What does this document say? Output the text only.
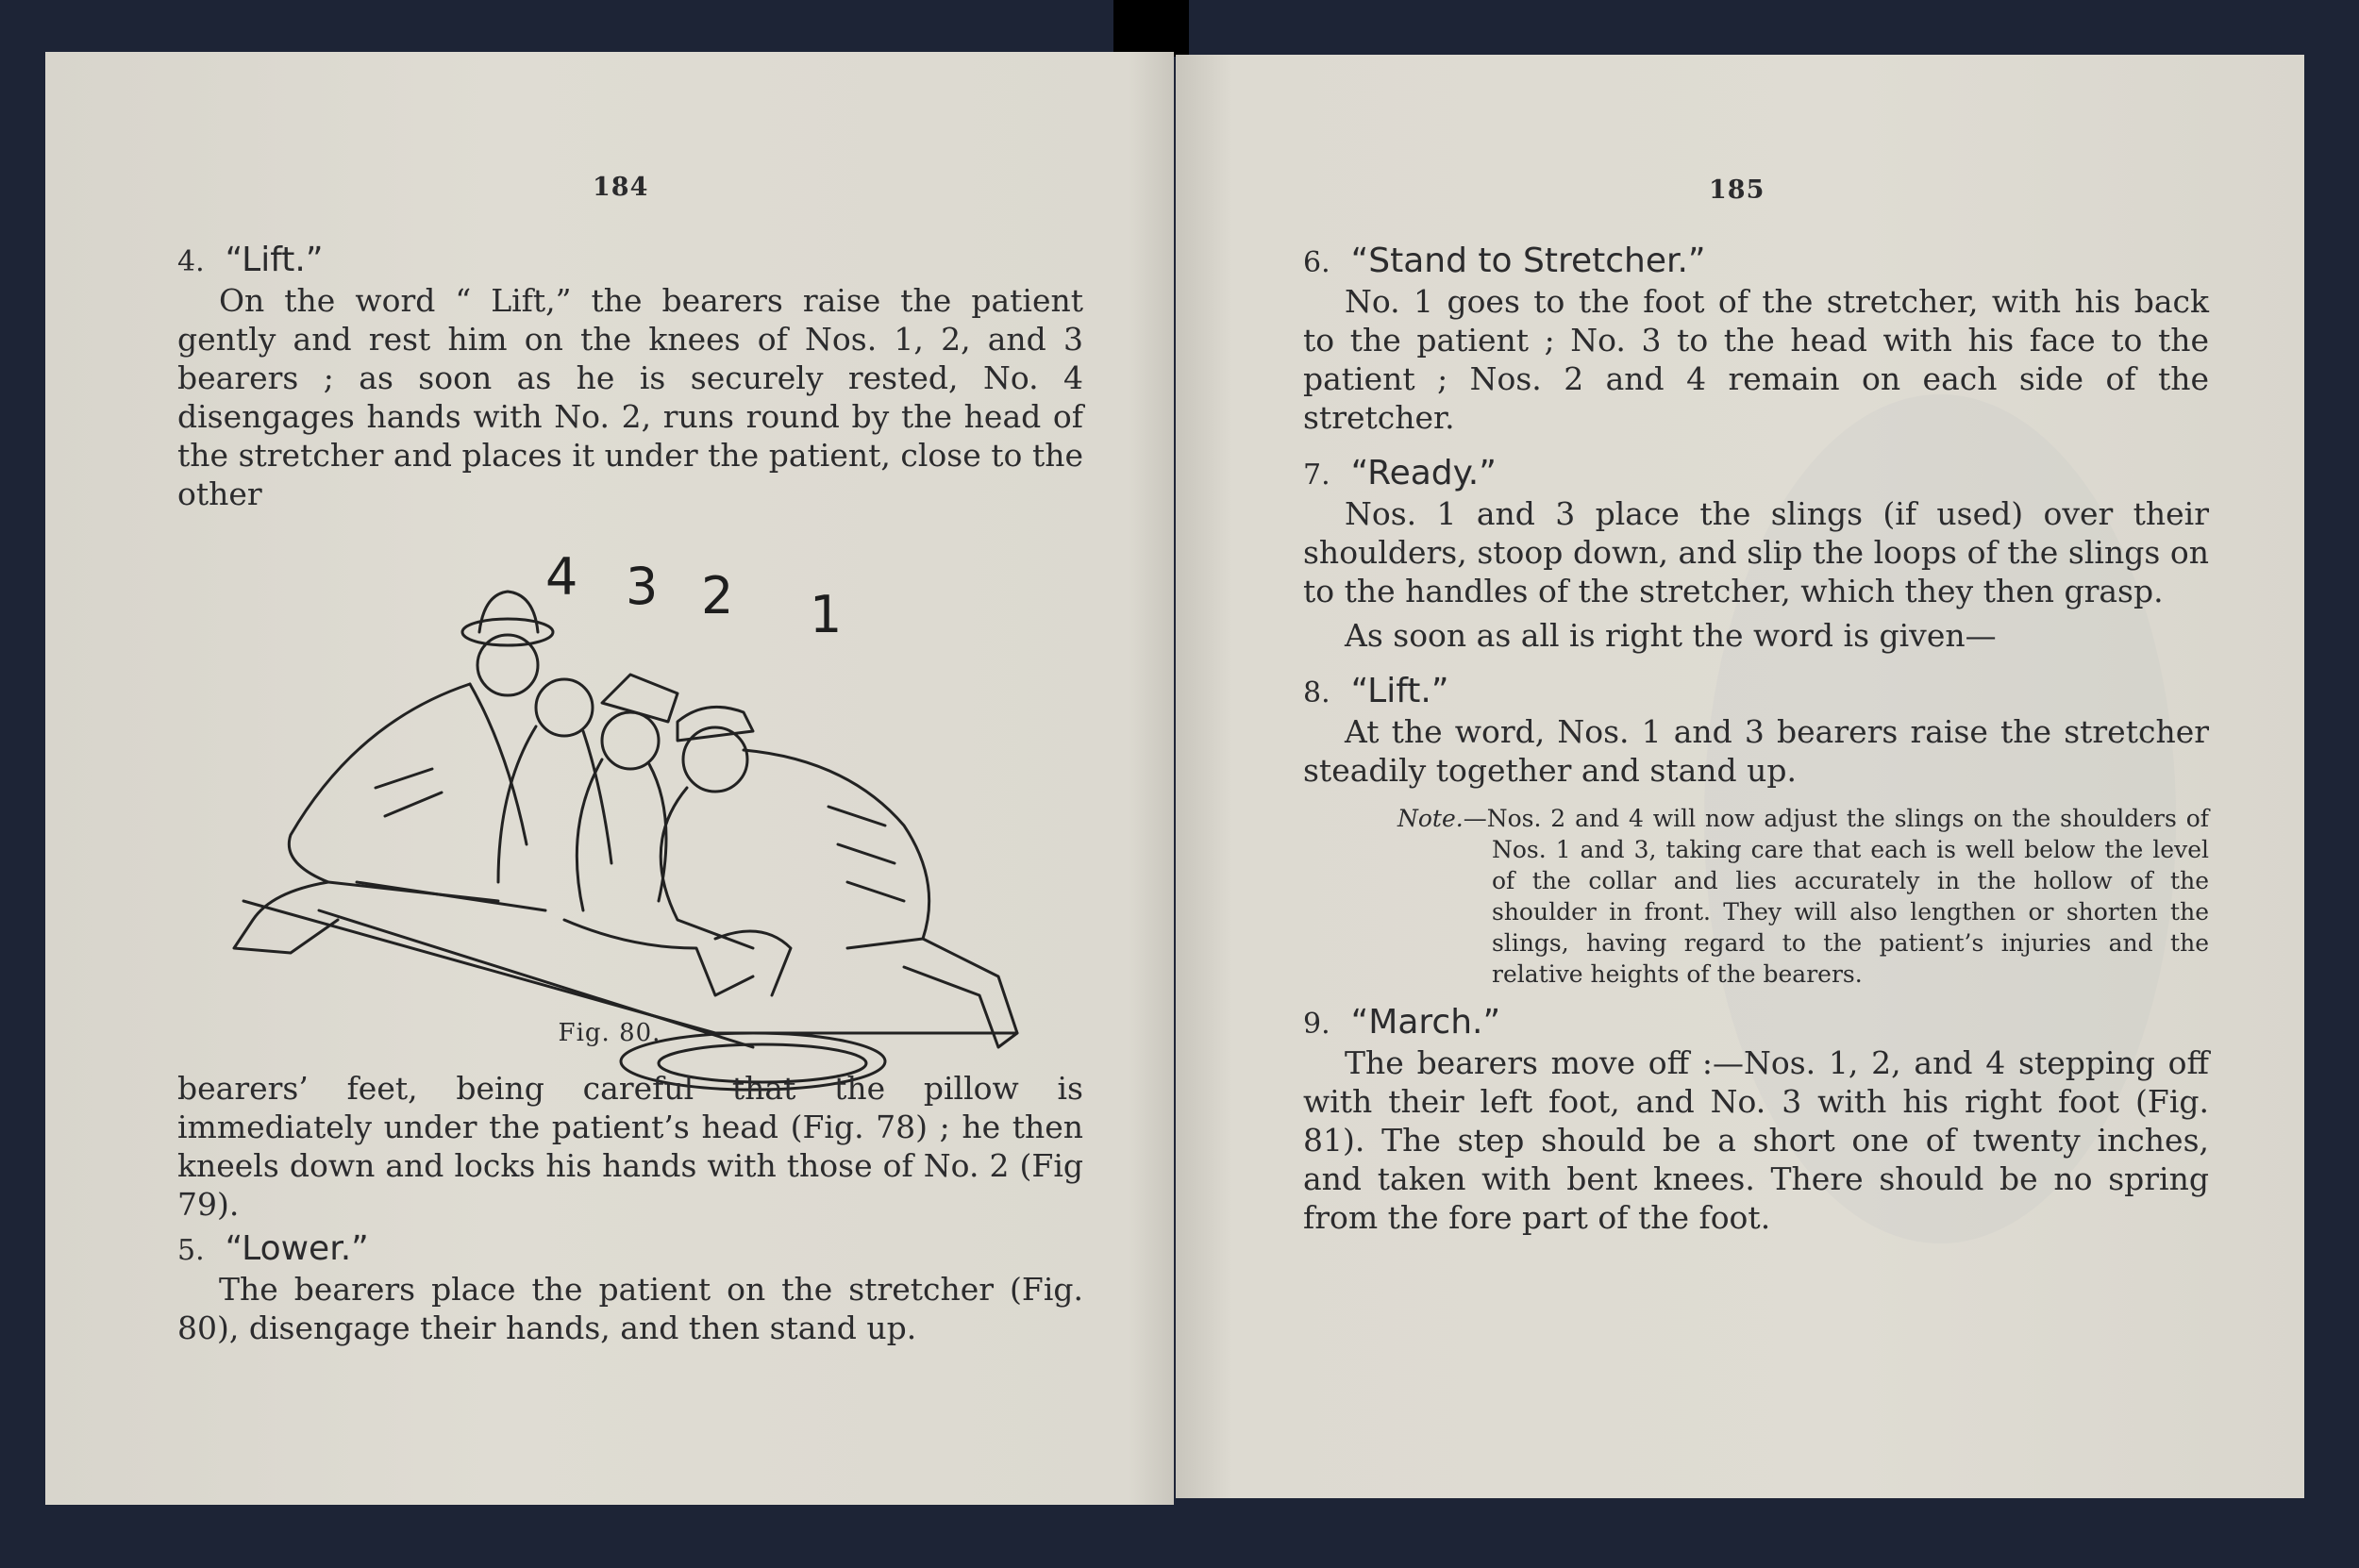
184
4. “Lift.”

On the word “ Lift,” the bearers raise the patient gently and rest him on the knees of Nos. 1, 2, and 3 bearers ; as soon as he is securely rested, No. 4 disengages hands with No. 2, runs round by the head of the stretcher and places it under the patient, close to the other

4 3 2 1
Fig. 80.

bearers’ feet, being careful that the pillow is immediately under the patient’s head (Fig. 78) ; he then kneels down and locks his hands with those of No. 2 (Fig 79).

5. “Lower.”

The bearers place the patient on the stretcher (Fig. 80), disengage their hands, and then stand up.

185
6. “Stand to Stretcher.”

No. 1 goes to the foot of the stretcher, with his back to the patient ; No. 3 to the head with his face to the patient ; Nos. 2 and 4 remain on each side of the stretcher.

7. “Ready.”

Nos. 1 and 3 place the slings (if used) over their shoulders, stoop down, and slip the loops of the slings on to the handles of the stretcher, which they then grasp.

As soon as all is right the word is given—

8. “Lift.”

At the word, Nos. 1 and 3 bearers raise the stretcher steadily together and stand up.

Note.—Nos. 2 and 4 will now adjust the slings on the shoulders of Nos. 1 and 3, taking care that each is well below the level of the collar and lies accurately in the hollow of the shoulder in front. They will also lengthen or shorten the slings, having regard to the patient’s injuries and the relative heights of the bearers.

9. “March.”

The bearers move off :—Nos. 1, 2, and 4 stepping off with their left foot, and No. 3 with his right foot (Fig. 81). The step should be a short one of twenty inches, and taken with bent knees. There should be no spring from the fore part of the foot.
